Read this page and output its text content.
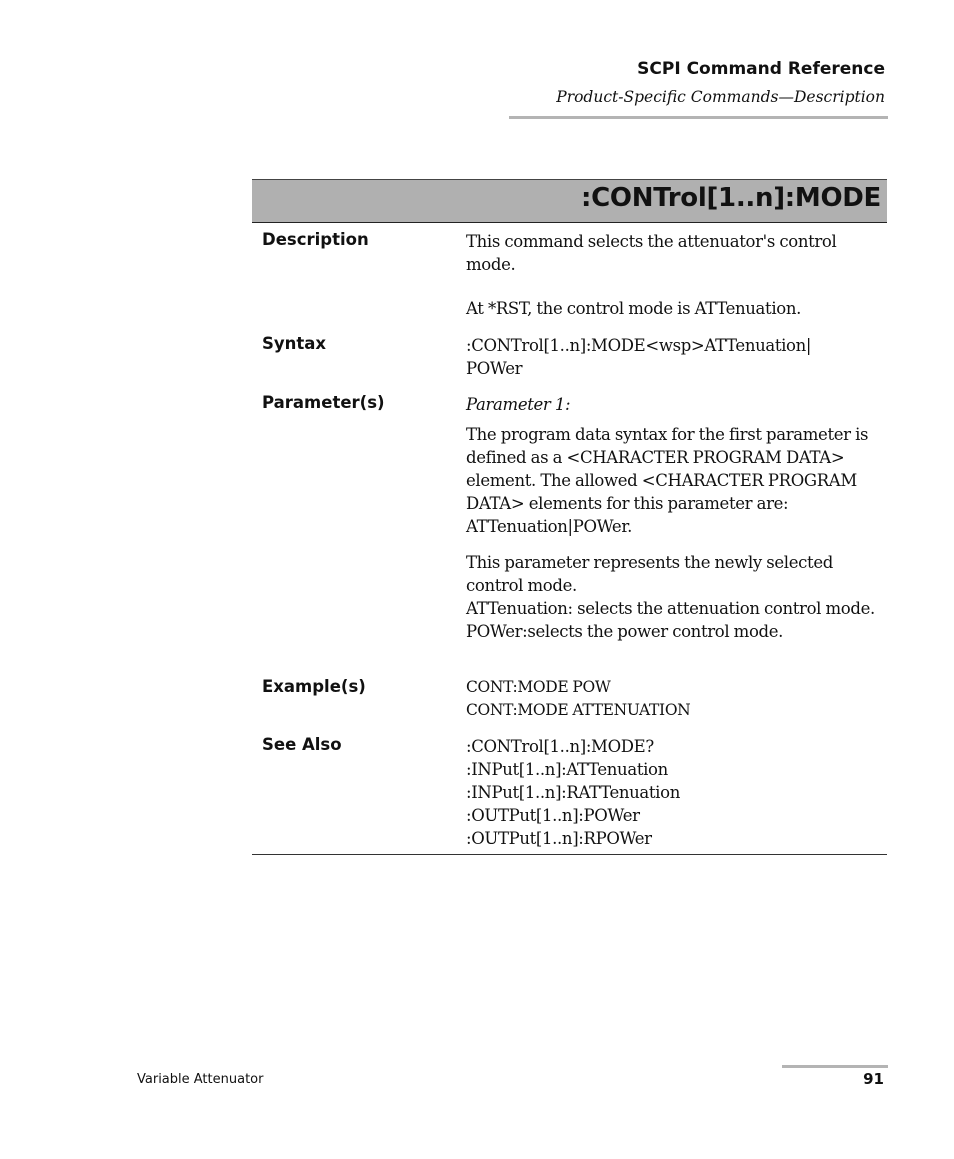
SCPI Command Reference
Product-Specific Commands—Description
:CONTrol[1..n]:MODE
Description	This command selects the attenuator's control mode.

At *RST, the control mode is ATTenuation.

Syntax	:CONTrol[1..n]:MODE<wsp>ATTenuation|

POWer

Parameter(s)	Parameter 1:

The program data syntax for the first parameter is defined as a <CHARACTER PROGRAM DATA> element. The allowed <CHARACTER PROGRAM DATA> elements for this parameter are: ATTenuation|POWer.

This parameter represents the newly selected control mode.

ATTenuation: selects the attenuation control mode.

POWer:selects the power control mode.

Example(s)	CONT:MODE POW

CONT:MODE ATTENUATION

See Also	:CONTrol[1..n]:MODE?

:INPut[1..n]:ATTenuation

:INPut[1..n]:RATTenuation

:OUTPut[1..n]:POWer

:OUTPut[1..n]:RPOWer

Variable Attenuator	91
